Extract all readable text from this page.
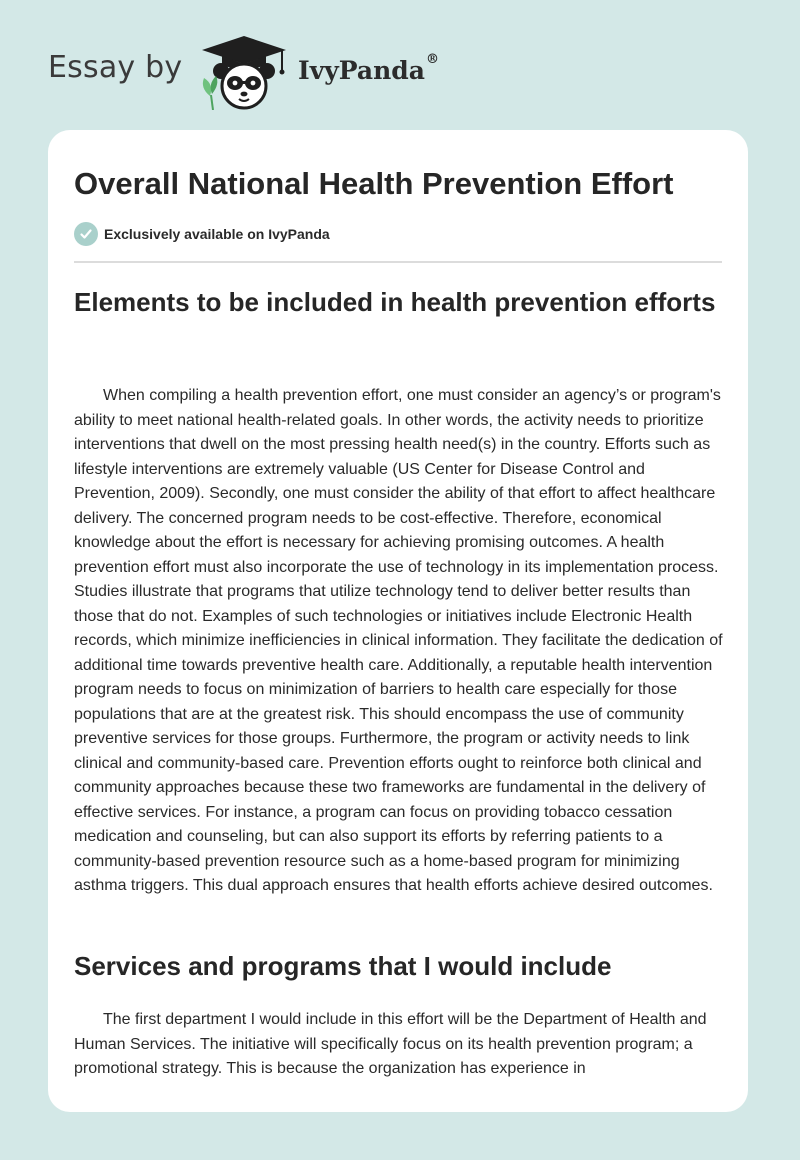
Essay by	IvyPanda®
Overall National Health Prevention Effort
Exclusively available on IvyPanda
Elements to be included in health prevention efforts

When compiling a health prevention effort, one must consider an agency’s or program's ability to meet national health-related goals. In other words, the activity needs to prioritize interventions that dwell on the most pressing health need(s) in the country. Efforts such as lifestyle interventions are extremely valuable (US Center for Disease Control and Prevention, 2009). Secondly, one must consider the ability of that effort to affect healthcare delivery. The concerned program needs to be cost-effective. Therefore, economical knowledge about the effort is necessary for achieving promising outcomes. A health prevention effort must also incorporate the use of technology in its implementation process. Studies illustrate that programs that utilize technology tend to deliver better results than those that do not. Examples of such technologies or initiatives include Electronic Health records, which minimize inefficiencies in clinical information. They facilitate the dedication of additional time towards preventive health care. Additionally, a reputable health intervention program needs to focus on minimization of barriers to health care especially for those populations that are at the greatest risk. This should encompass the use of community preventive services for those groups. Furthermore, the program or activity needs to link clinical and community-based care. Prevention efforts ought to reinforce both clinical and community approaches because these two frameworks are fundamental in the delivery of effective services. For instance, a program can focus on providing tobacco cessation medication and counseling, but can also support its efforts by referring patients to a community-based prevention resource such as a home-based program for minimizing asthma triggers. This dual approach ensures that health efforts achieve desired outcomes.

Services and programs that I would include

The first department I would include in this effort will be the Department of Health and Human Services. The initiative will specifically focus on its health prevention program; a promotional strategy. This is because the organization has experience in
